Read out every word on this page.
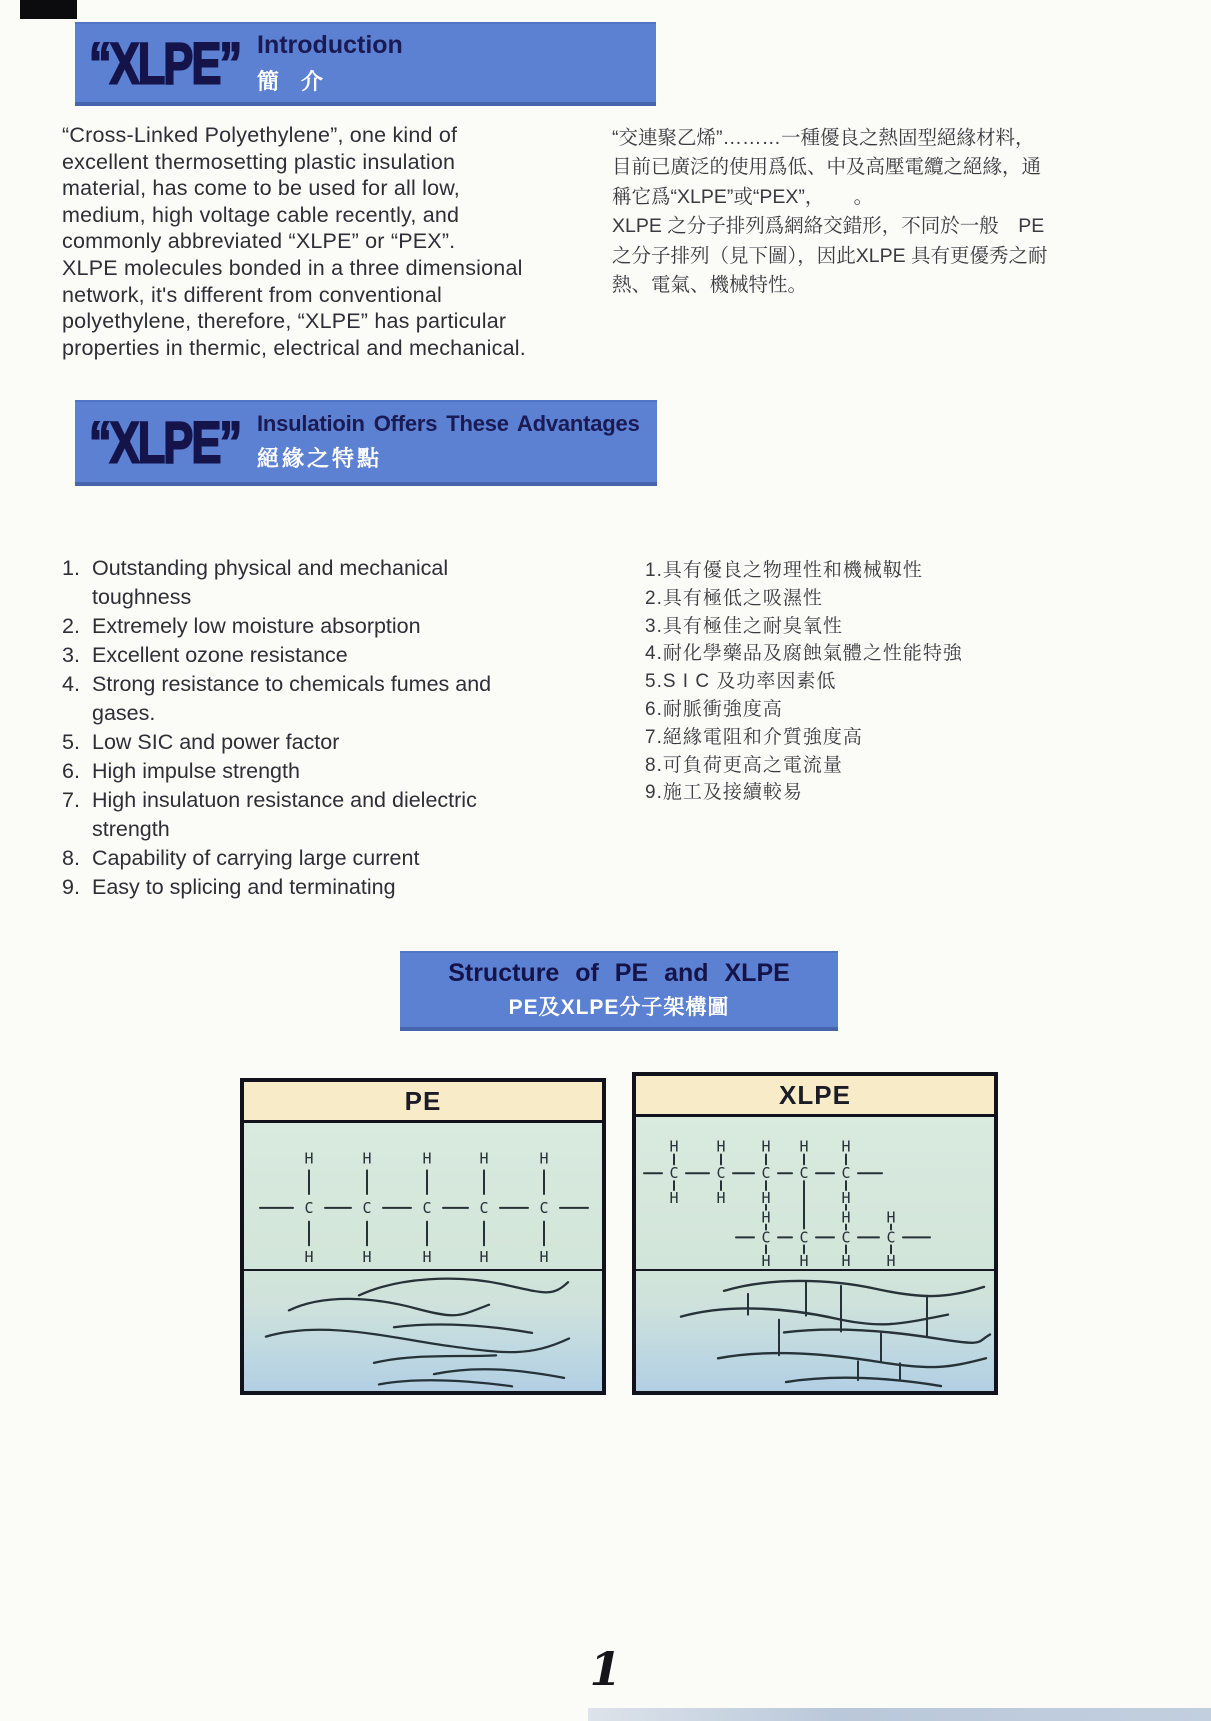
“XLPE” Introduction
簡　介
“Cross-Linked Polyethylene”, one kind of
excellent thermosetting plastic insulation
material, has come to be used for all low,
medium, high voltage cable recently, and
commonly abbreviated “XLPE” or “PEX”.
XLPE molecules bonded in a three dimensional
network, it's different from conventional
polyethylene, therefore, “XLPE” has particular
properties in thermic, electrical and mechanical.
“交連聚乙烯”………一種優良之熱固型絕緣材料，
目前已廣泛的使用爲低、中及高壓電纜之絕緣，通
稱它爲“XLPE”或“PEX”，　　。
XLPE 之分子排列爲網絡交錯形，不同於一般　PE
之分子排列（見下圖），因此XLPE 具有更優秀之耐
熱、電氣、機械特性。
“XLPE” Insulatioin Offers These Advantages
絕緣之特點
1. Outstanding physical and mechanical
toughness
2. Extremely low moisture absorption
3. Excellent ozone resistance
4. Strong resistance to chemicals fumes and
gases.
5. Low SIC and power factor
6. High impulse strength
7. High insulatuon resistance and dielectric
strength
8. Capability of carrying large current
9. Easy to splicing and terminating
1.具有優良之物理性和機械靱性
2.具有極低之吸濕性
3.具有極佳之耐臭氧性
4.耐化學藥品及腐蝕氣體之性能特強
5.S I C 及功率因素低
6.耐脈衝強度高
7.絕緣電阻和介質強度高
8.可負荷更高之電流量
9.施工及接續較易
Structure of PE and XLPE
PE及XLPE分子架構圖
PE
H	H	H	H	H
C	C	C	C	C
H	H	H	H	H
XLPE
H	H H H H
C	C C C C
H	H H	H
H	H H
C C C C
H H H H
1
